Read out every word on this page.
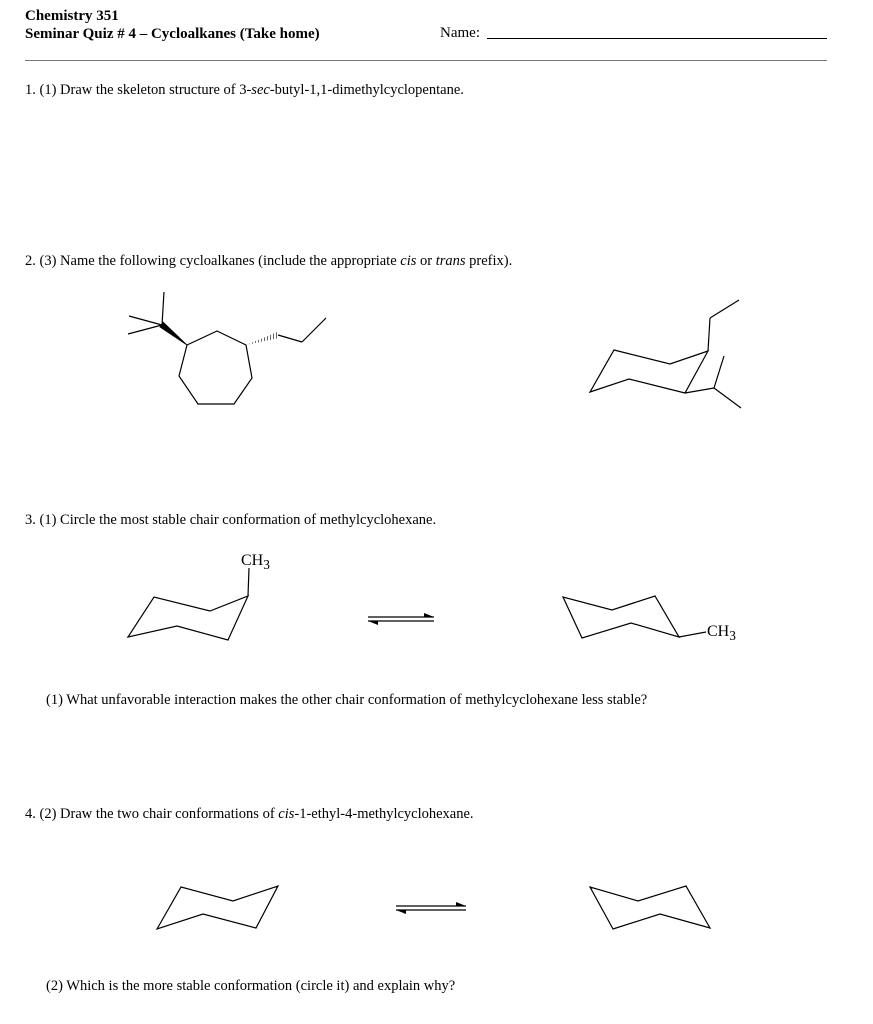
Chemistry 351
Seminar Quiz # 4 – Cycloalkanes (Take home)	Name:
1. (1) Draw the skeleton structure of 3-sec-butyl-1,1-dimethylcyclopentane.
2. (3) Name the following cycloalkanes (include the appropriate cis or trans prefix).
3. (1) Circle the most stable chair conformation of methylcyclohexane.
(1) What unfavorable interaction makes the other chair conformation of methylcyclohexane less stable?
4. (2) Draw the two chair conformations of cis-1-ethyl-4-methylcyclohexane.
(2) Which is the more stable conformation (circle it) and explain why?
$CH_3$
$CH_3$
